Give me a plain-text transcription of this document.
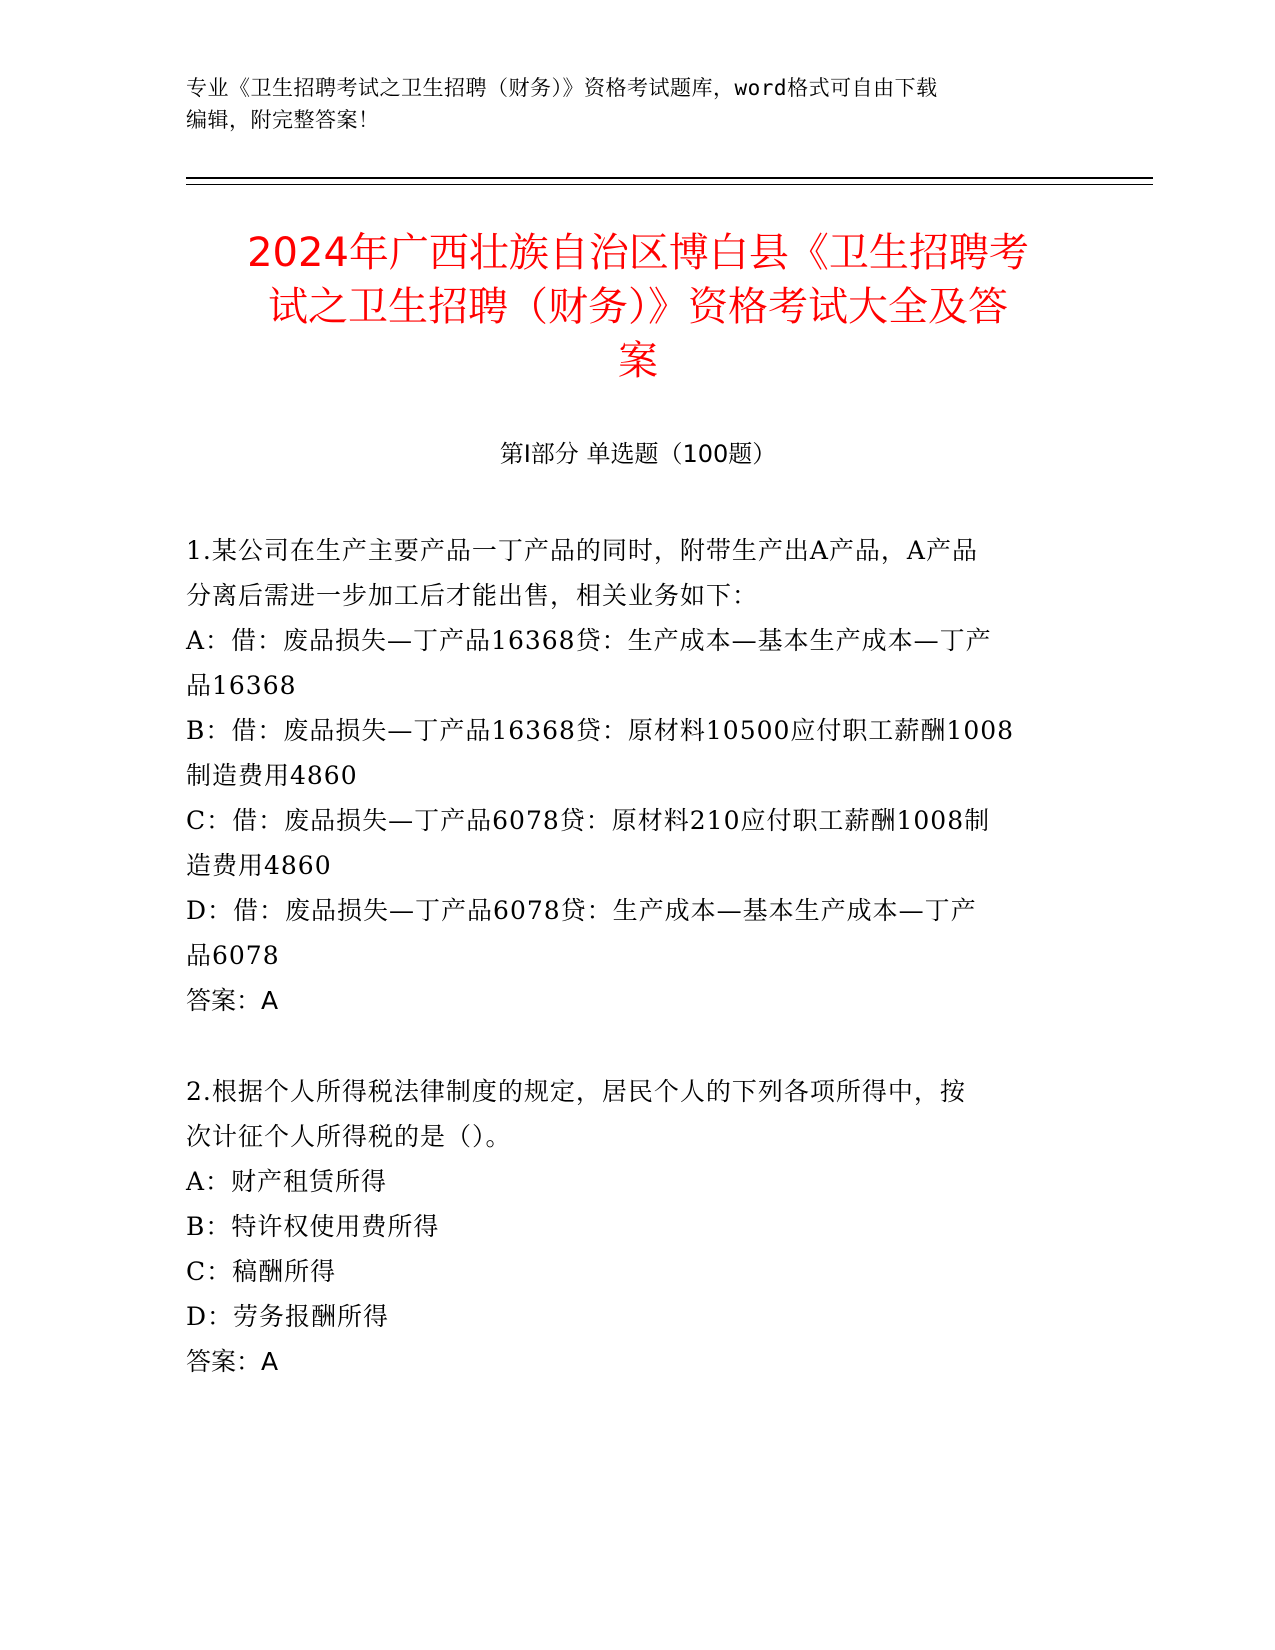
专业《卫生招聘考试之卫生招聘（财务）》资格考试题库，word格式可自由下载
编辑，附完整答案！
2024年广西壮族自治区博白县《卫生招聘考
试之卫生招聘（财务）》资格考试大全及答
案
第Ⅰ部分 单选题（100题）

1.某公司在生产主要产品一丁产品的同时，附带生产出A产品，A产品

分离后需进一步加工后才能出售，相关业务如下：

A：借：废品损失—丁产品16368贷：生产成本—基本生产成本—丁产

品16368

B：借：废品损失—丁产品16368贷：原材料10500应付职工薪酬1008

制造费用4860

C：借：废品损失—丁产品6078贷：原材料210应付职工薪酬1008制

造费用4860

D：借：废品损失—丁产品6078贷：生产成本—基本生产成本—丁产

品6078

答案：A

2.根据个人所得税法律制度的规定，居民个人的下列各项所得中，按

次计征个人所得税的是（）。

A：财产租赁所得

B：特许权使用费所得

C：稿酬所得

D：劳务报酬所得

答案：A
